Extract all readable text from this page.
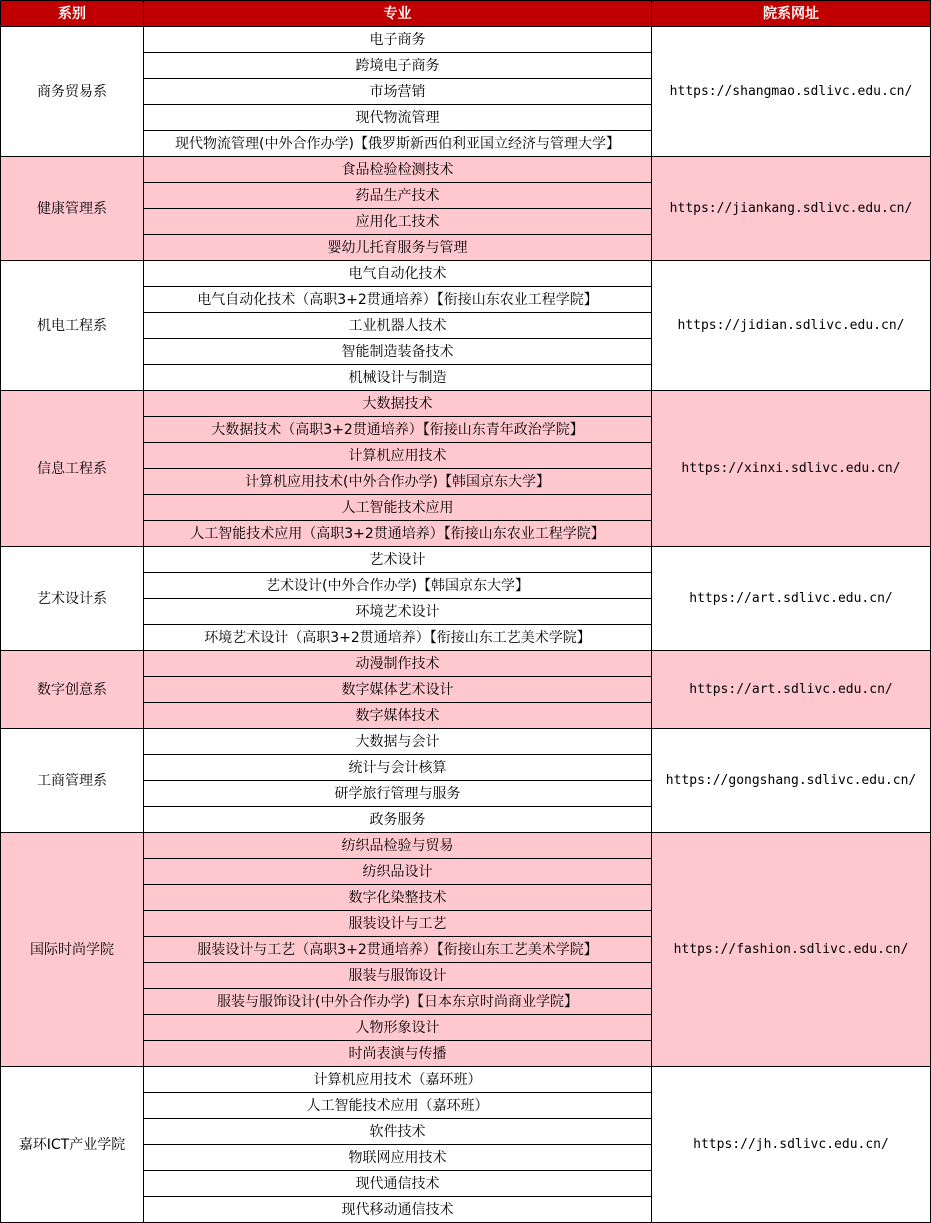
系别	专业	院系网址
商务贸易系	电子商务	https://shangmao.sdlivc.edu.cn/
	跨境电子商务	
	市场营销	
	现代物流管理	
	现代物流管理(中外合作办学)【俄罗斯新西伯利亚国立经济与管理大学】	
健康管理系	食品检验检测技术	https://jiankang.sdlivc.edu.cn/
	药品生产技术	
	应用化工技术	
	婴幼儿托育服务与管理	
机电工程系	电气自动化技术	https://jidian.sdlivc.edu.cn/
	电气自动化技术（高职3+2贯通培养）【衔接山东农业工程学院】	
	工业机器人技术	
	智能制造装备技术	
	机械设计与制造	
信息工程系	大数据技术	https://xinxi.sdlivc.edu.cn/
	大数据技术（高职3+2贯通培养）【衔接山东青年政治学院】	
	计算机应用技术	
	计算机应用技术(中外合作办学)【韩国京东大学】	
	人工智能技术应用	
	人工智能技术应用（高职3+2贯通培养）【衔接山东农业工程学院】	
艺术设计系	艺术设计	https://art.sdlivc.edu.cn/
	艺术设计(中外合作办学)【韩国京东大学】	
	环境艺术设计	
	环境艺术设计（高职3+2贯通培养）【衔接山东工艺美术学院】	
数字创意系	动漫制作技术	https://art.sdlivc.edu.cn/
	数字媒体艺术设计	
	数字媒体技术	
工商管理系	大数据与会计	https://gongshang.sdlivc.edu.cn/
	统计与会计核算	
	研学旅行管理与服务	
	政务服务	
国际时尚学院	纺织品检验与贸易	https://fashion.sdlivc.edu.cn/
	纺织品设计	
	数字化染整技术	
	服装设计与工艺	
	服装设计与工艺（高职3+2贯通培养）【衔接山东工艺美术学院】	
	服装与服饰设计	
	服装与服饰设计(中外合作办学)【日本东京时尚商业学院】	
	人物形象设计	
	时尚表演与传播	
嘉环ICT产业学院	计算机应用技术（嘉环班）	https://jh.sdlivc.edu.cn/
	人工智能技术应用（嘉环班）	
	软件技术	
	物联网应用技术	
	现代通信技术	
	现代移动通信技术	
